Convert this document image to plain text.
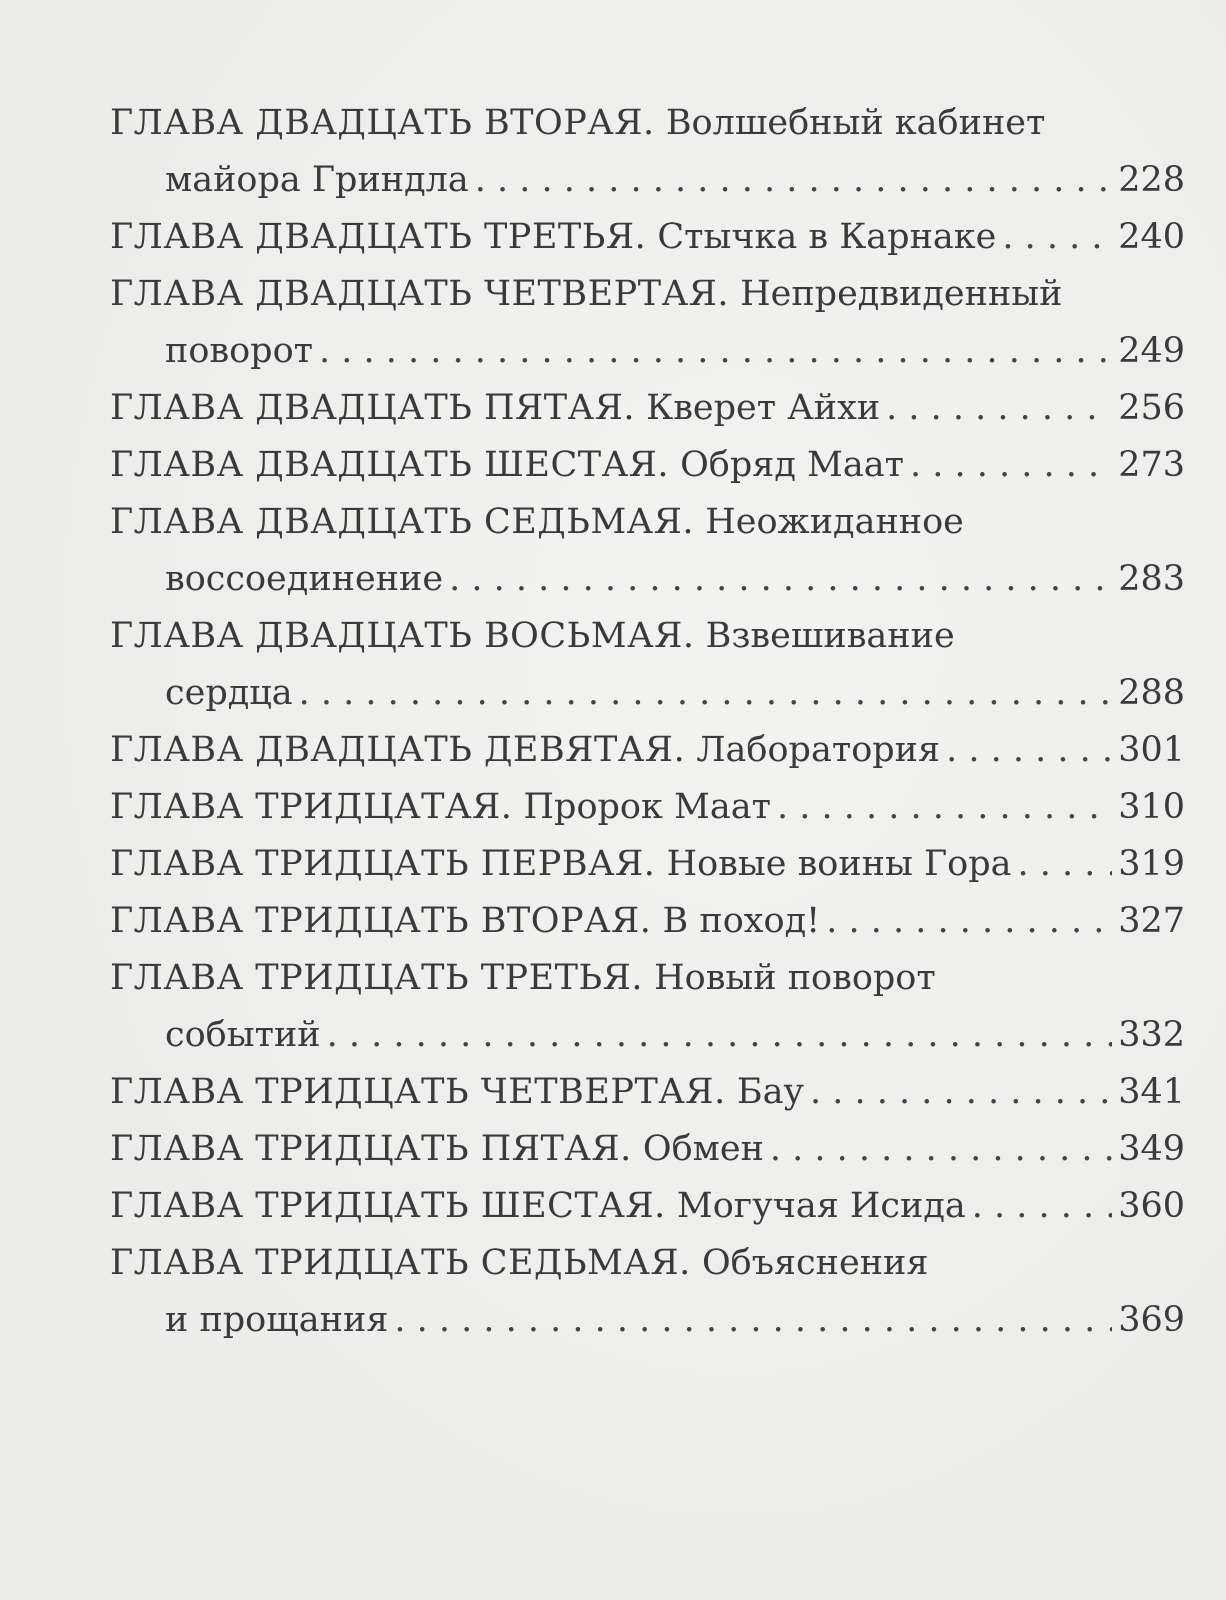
ГЛАВА ДВАДЦАТЬ ВТОРАЯ. Волшебный кабинет
майора Гриндла . . .	228
ГЛАВА ДВАДЦАТЬ ТРЕТЬЯ. Стычка в Карнаке . . .	240
ГЛАВА ДВАДЦАТЬ ЧЕТВЕРТАЯ. Непредвиденный
поворот . . .	249
ГЛАВА ДВАДЦАТЬ ПЯТАЯ. Кверет Айхи . . .	256
ГЛАВА ДВАДЦАТЬ ШЕСТАЯ. Обряд Маат . . .	273
ГЛАВА ДВАДЦАТЬ СЕДЬМАЯ. Неожиданное
воссоединение . . .	283
ГЛАВА ДВАДЦАТЬ ВОСЬМАЯ. Взвешивание
сердца . . .	288
ГЛАВА ДВАДЦАТЬ ДЕВЯТАЯ. Лаборатория . . .	301
ГЛАВА ТРИДЦАТАЯ. Пророк Маат . . .	310
ГЛАВА ТРИДЦАТЬ ПЕРВАЯ. Новые воины Гора . . .	319
ГЛАВА ТРИДЦАТЬ ВТОРАЯ. В поход! . . .	327
ГЛАВА ТРИДЦАТЬ ТРЕТЬЯ. Новый поворот
событий . . .	332
ГЛАВА ТРИДЦАТЬ ЧЕТВЕРТАЯ. Бау . . .	341
ГЛАВА ТРИДЦАТЬ ПЯТАЯ. Обмен . . .	349
ГЛАВА ТРИДЦАТЬ ШЕСТАЯ. Могучая Исида . . .	360
ГЛАВА ТРИДЦАТЬ СЕДЬМАЯ. Объяснения
и прощания . . .	369
